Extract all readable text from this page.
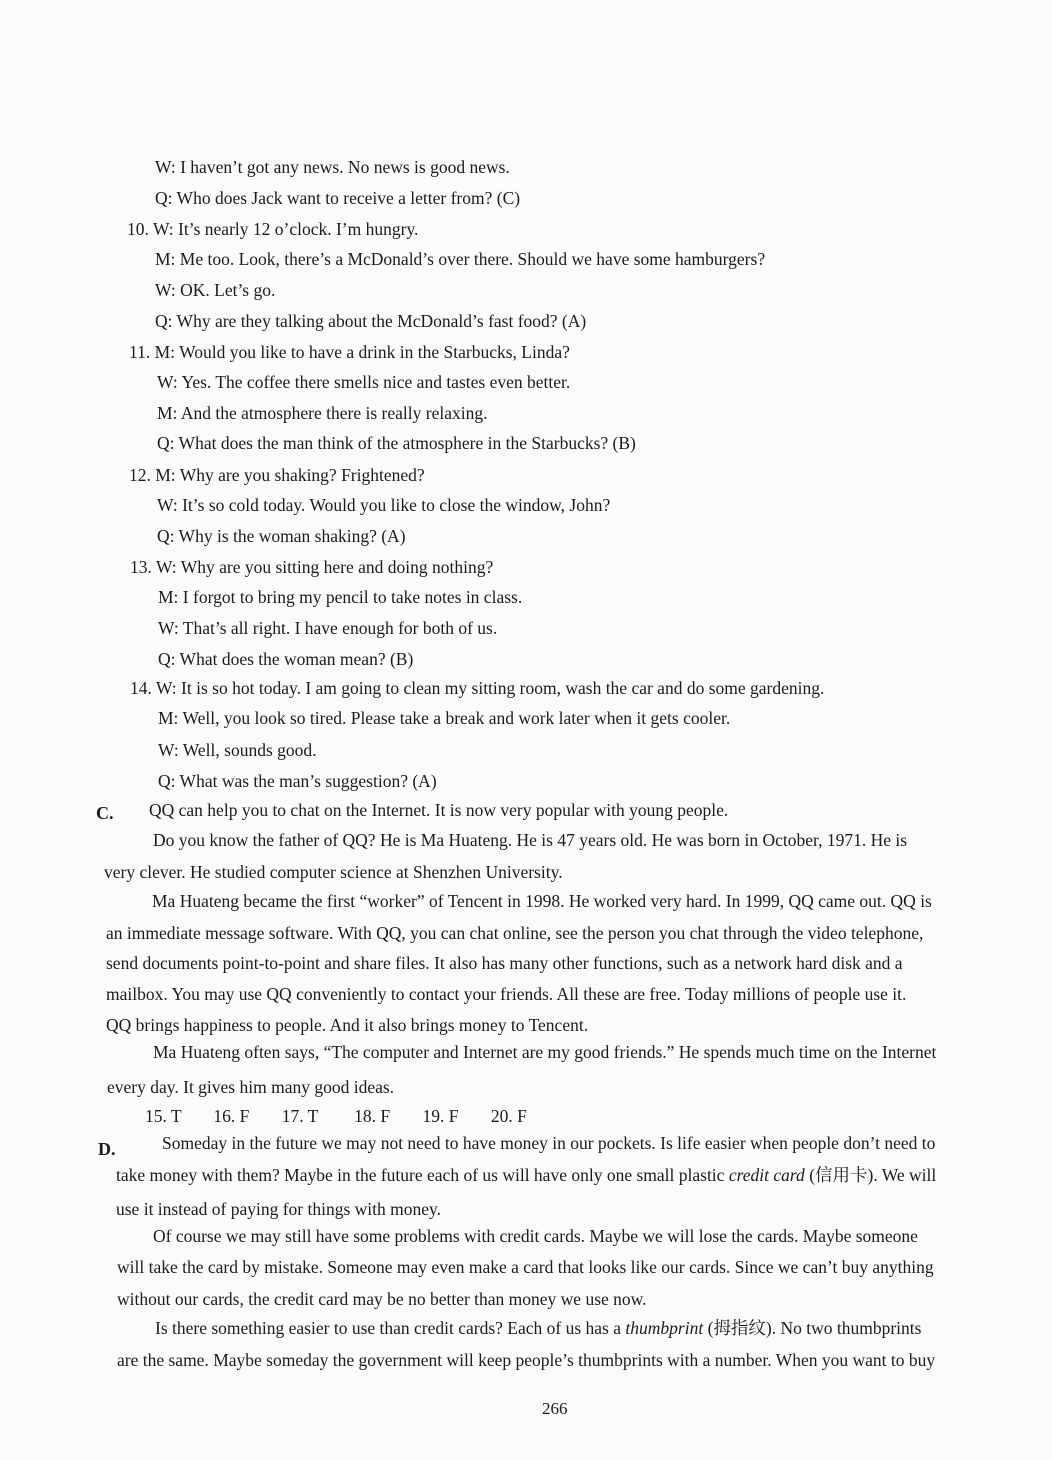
W: I haven’t got any news. No news is good news.
Q: Who does Jack want to receive a letter from? (C)
10. W: It’s nearly 12 o’clock. I’m hungry.
M: Me too. Look, there’s a McDonald’s over there. Should we have some hamburgers?
W: OK. Let’s go.
Q: Why are they talking about the McDonald’s fast food? (A)
11. M: Would you like to have a drink in the Starbucks, Linda?
W: Yes. The coffee there smells nice and tastes even better.
M: And the atmosphere there is really relaxing.
Q: What does the man think of the atmosphere in the Starbucks? (B)
12. M: Why are you shaking? Frightened?
W: It’s so cold today. Would you like to close the window, John?
Q: Why is the woman shaking? (A)
13. W: Why are you sitting here and doing nothing?
M: I forgot to bring my pencil to take notes in class.
W: That’s all right. I have enough for both of us.
Q: What does the woman mean? (B)
14. W: It is so hot today. I am going to clean my sitting room, wash the car and do some gardening.
M: Well, you look so tired. Please take a break and work later when it gets cooler.
W: Well, sounds good.
Q: What was the man’s suggestion? (A)
C. QQ can help you to chat on the Internet. It is now very popular with young people.
Do you know the father of QQ? He is Ma Huateng. He is 47 years old. He was born in October, 1971. He is
very clever. He studied computer science at Shenzhen University.
Ma Huateng became the first “worker” of Tencent in 1998. He worked very hard. In 1999, QQ came out. QQ is
an immediate message software. With QQ, you can chat online, see the person you chat through the video telephone,
send documents point-to-point and share files. It also has many other functions, such as a network hard disk and a
mailbox. You may use QQ conveniently to contact your friends. All these are free. Today millions of people use it.
QQ brings happiness to people. And it also brings money to Tencent.
Ma Huateng often says, “The computer and Internet are my good friends.” He spends much time on the Internet
every day. It gives him many good ideas.
15. T 16. F 17. T 18. F 19. F 20. F
D.	Someday in the future we may not need to have money in our pockets. Is life easier when people don’t need to
take money with them? Maybe in the future each of us will have only one small plastic credit card (信用卡). We will
use it instead of paying for things with money.
Of course we may still have some problems with credit cards. Maybe we will lose the cards. Maybe someone
will take the card by mistake. Someone may even make a card that looks like our cards. Since we can’t buy anything
without our cards, the credit card may be no better than money we use now.
Is there something easier to use than credit cards? Each of us has a thumbprint (拇指纹). No two thumbprints
are the same. Maybe someday the government will keep people’s thumbprints with a number. When you want to buy
266
